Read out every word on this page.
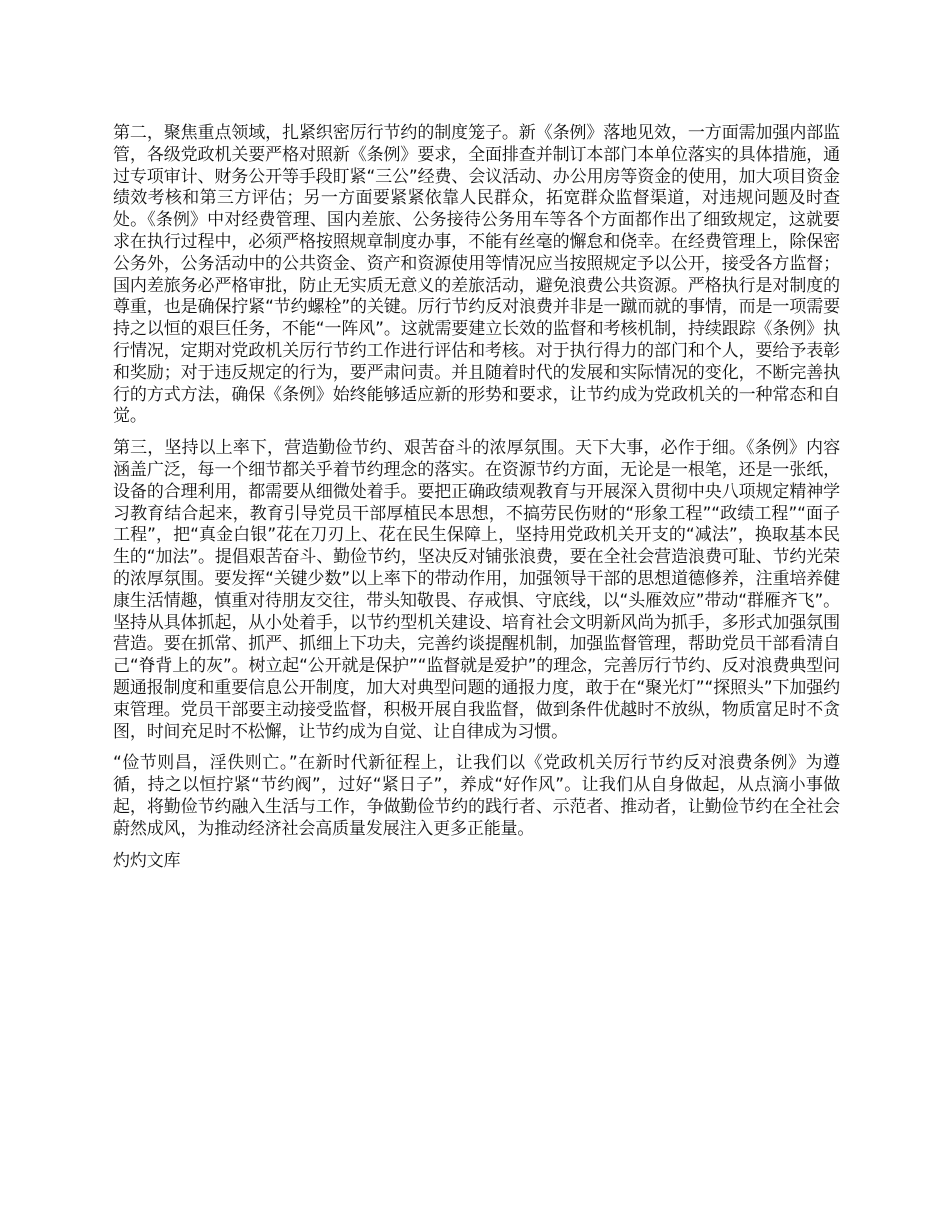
第二，聚焦重点领域，扎紧织密厉行节约的制度笼子。新《条例》落地见效，一方面需加强内部监管，各级党政机关要严格对照新《条例》要求，全面排查并制订本部门本单位落实的具体措施，通过专项审计、财务公开等手段盯紧“三公”经费、会议活动、办公用房等资金的使用，加大项目资金绩效考核和第三方评估；另一方面要紧紧依靠人民群众，拓宽群众监督渠道，对违规问题及时查处。《条例》中对经费管理、国内差旅、公务接待公务用车等各个方面都作出了细致规定，这就要求在执行过程中，必须严格按照规章制度办事，不能有丝毫的懈怠和侥幸。在经费管理上，除保密公务外，公务活动中的公共资金、资产和资源使用等情况应当按照规定予以公开，接受各方监督；国内差旅务必严格审批，防止无实质无意义的差旅活动，避免浪费公共资源。严格执行是对制度的尊重，也是确保拧紧“节约螺栓”的关键。厉行节约反对浪费并非是一蹴而就的事情，而是一项需要持之以恒的艰巨任务，不能“一阵风”。这就需要建立长效的监督和考核机制，持续跟踪《条例》执行情况，定期对党政机关厉行节约工作进行评估和考核。对于执行得力的部门和个人，要给予表彰和奖励；对于违反规定的行为，要严肃问责。并且随着时代的发展和实际情况的变化，不断完善执行的方式方法，确保《条例》始终能够适应新的形势和要求，让节约成为党政机关的一种常态和自觉。

第三，坚持以上率下，营造勤俭节约、艰苦奋斗的浓厚氛围。天下大事，必作于细。《条例》内容涵盖广泛，每一个细节都关乎着节约理念的落实。在资源节约方面，无论是一根笔，还是一张纸，设备的合理利用，都需要从细微处着手。要把正确政绩观教育与开展深入贯彻中央八项规定精神学习教育结合起来，教育引导党员干部厚植民本思想，不搞劳民伤财的“形象工程”“政绩工程”“面子工程”，把“真金白银”花在刀刃上、花在民生保障上，坚持用党政机关开支的“减法”，换取基本民生的“加法”。提倡艰苦奋斗、勤俭节约，坚决反对铺张浪费，要在全社会营造浪费可耻、节约光荣的浓厚氛围。要发挥“关键少数”以上率下的带动作用，加强领导干部的思想道德修养，注重培养健康生活情趣，慎重对待朋友交往，带头知敬畏、存戒惧、守底线，以“头雁效应”带动“群雁齐飞”。坚持从具体抓起，从小处着手，以节约型机关建设、培育社会文明新风尚为抓手，多形式加强氛围营造。要在抓常、抓严、抓细上下功夫，完善约谈提醒机制，加强监督管理，帮助党员干部看清自己“脊背上的灰”。树立起“公开就是保护”“监督就是爱护”的理念，完善厉行节约、反对浪费典型问题通报制度和重要信息公开制度，加大对典型问题的通报力度，敢于在“聚光灯”“探照头”下加强约束管理。党员干部要主动接受监督，积极开展自我监督，做到条件优越时不放纵，物质富足时不贪图，时间充足时不松懈，让节约成为自觉、让自律成为习惯。

“俭节则昌，淫佚则亡。”在新时代新征程上，让我们以《党政机关厉行节约反对浪费条例》为遵循，持之以恒拧紧“节约阀”，过好“紧日子”，养成“好作风”。让我们从自身做起，从点滴小事做起，将勤俭节约融入生活与工作，争做勤俭节约的践行者、示范者、推动者，让勤俭节约在全社会蔚然成风，为推动经济社会高质量发展注入更多正能量。

灼灼文库
